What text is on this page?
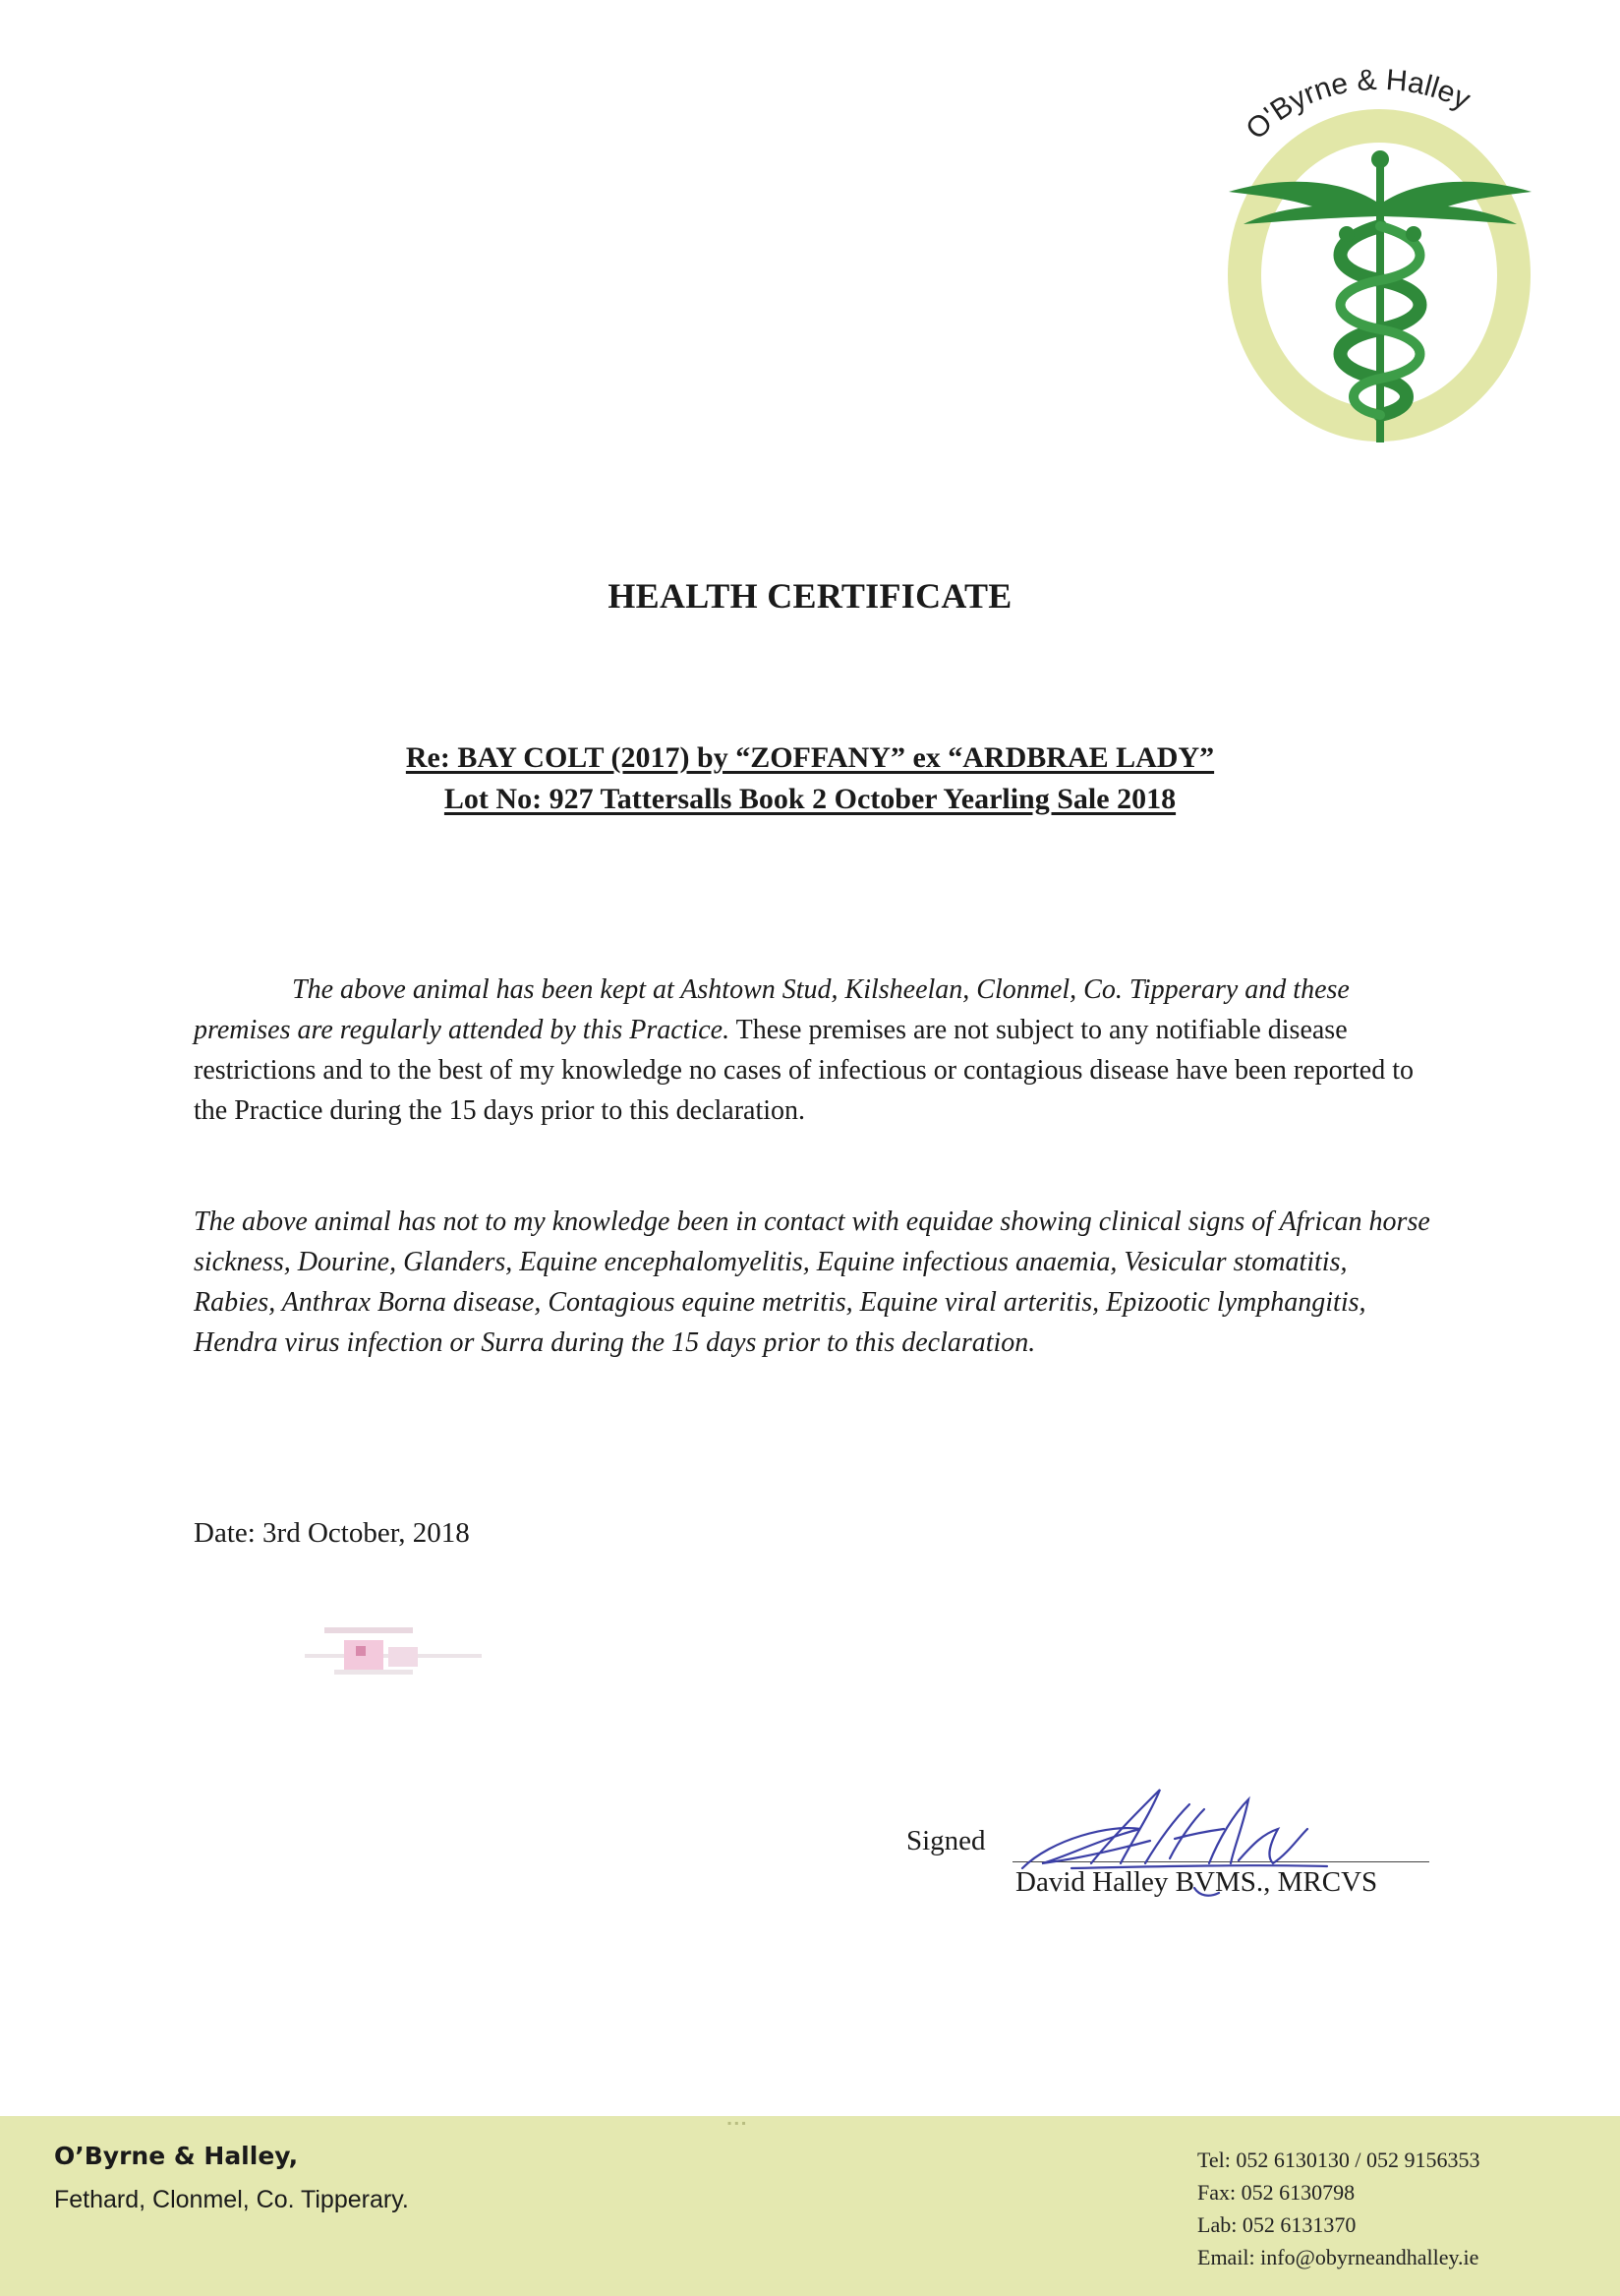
O'Byrne & Halley
HEALTH CERTIFICATE
Re: BAY COLT (2017) by “ZOFFANY” ex “ARDBRAE LADY”
Lot No: 927 Tattersalls Book 2 October Yearling Sale 2018
The above animal has been kept at Ashtown Stud, Kilsheelan, Clonmel, Co. Tipperary and these premises are regularly attended by this Practice. These premises are not subject to any notifiable disease restrictions and to the best of my knowledge no cases of infectious or contagious disease have been reported to the Practice during the 15 days prior to this declaration.
The above animal has not to my knowledge been in contact with equidae showing clinical signs of African horse sickness, Dourine, Glanders, Equine encephalomyelitis, Equine infectious anaemia, Vesicular stomatitis, Rabies, Anthrax Borna disease, Contagious equine metritis, Equine viral arteritis, Epizootic lymphangitis, Hendra virus infection or Surra during the 15 days prior to this declaration.
Date: 3rd October, 2018
Signed
David Halley BVMS., MRCVS
▪ ▪ ▪
O’Byrne & Halley,
Fethard, Clonmel, Co. Tipperary.
Tel: 052 6130130 / 052 9156353
Fax: 052 6130798
Lab: 052 6131370
Email: info@obyrneandhalley.ie
